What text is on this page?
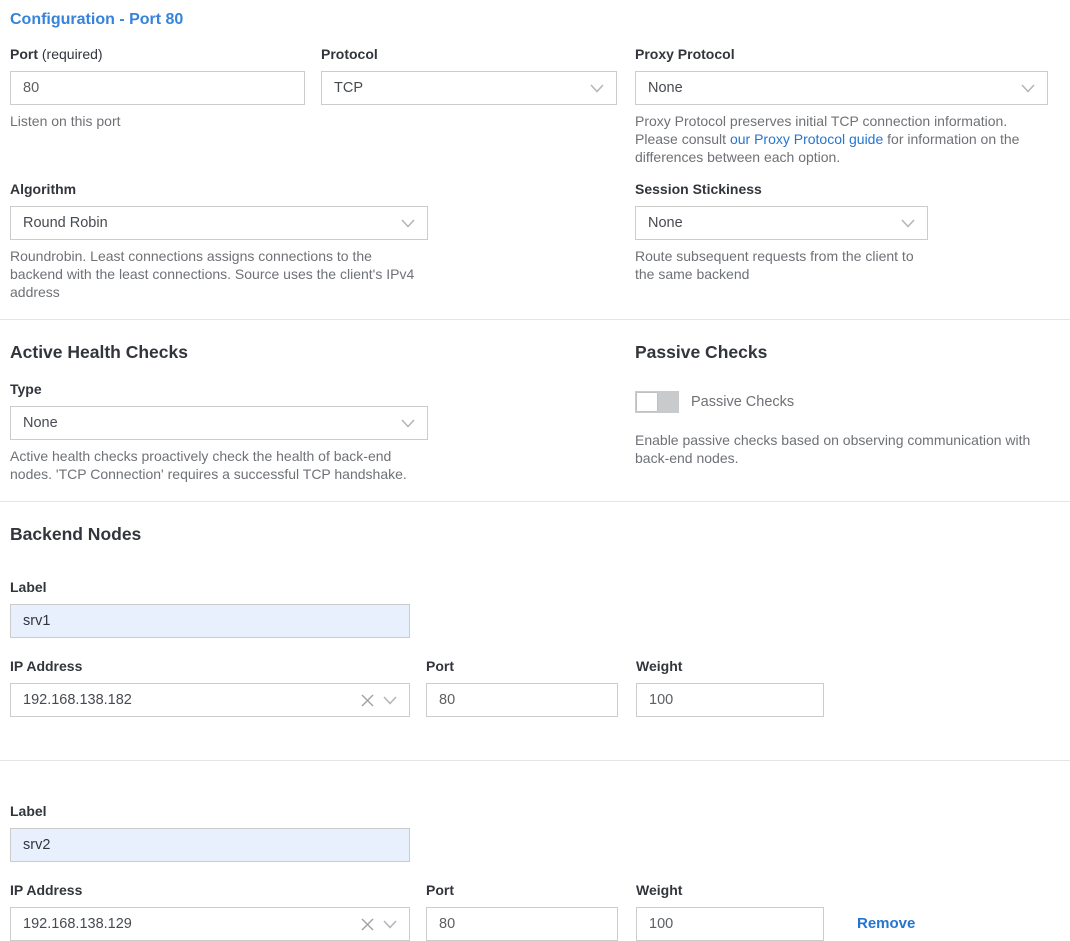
Configuration - Port 80
Port (required)
80
Listen on this port
Protocol
TCP
Proxy Protocol
None
Proxy Protocol preserves initial TCP connection information. Please consult our Proxy Protocol guide for information on the differences between each option.
Algorithm
Round Robin
Roundrobin. Least connections assigns connections to the backend with the least connections. Source uses the client's IPv4 address
Session Stickiness
None
Route subsequent requests from the client to the same backend
Active Health Checks
Type
None
Active health checks proactively check the health of back-end nodes. 'TCP Connection' requires a successful TCP handshake.
Passive Checks
Passive Checks
Enable passive checks based on observing communication with back-end nodes.
Backend Nodes
Label
srv1
IP Address
192.168.138.182
Port
80	Weight
100
Label
srv2
IP Address
192.168.138.129
Port
80	Weight
100
Remove
